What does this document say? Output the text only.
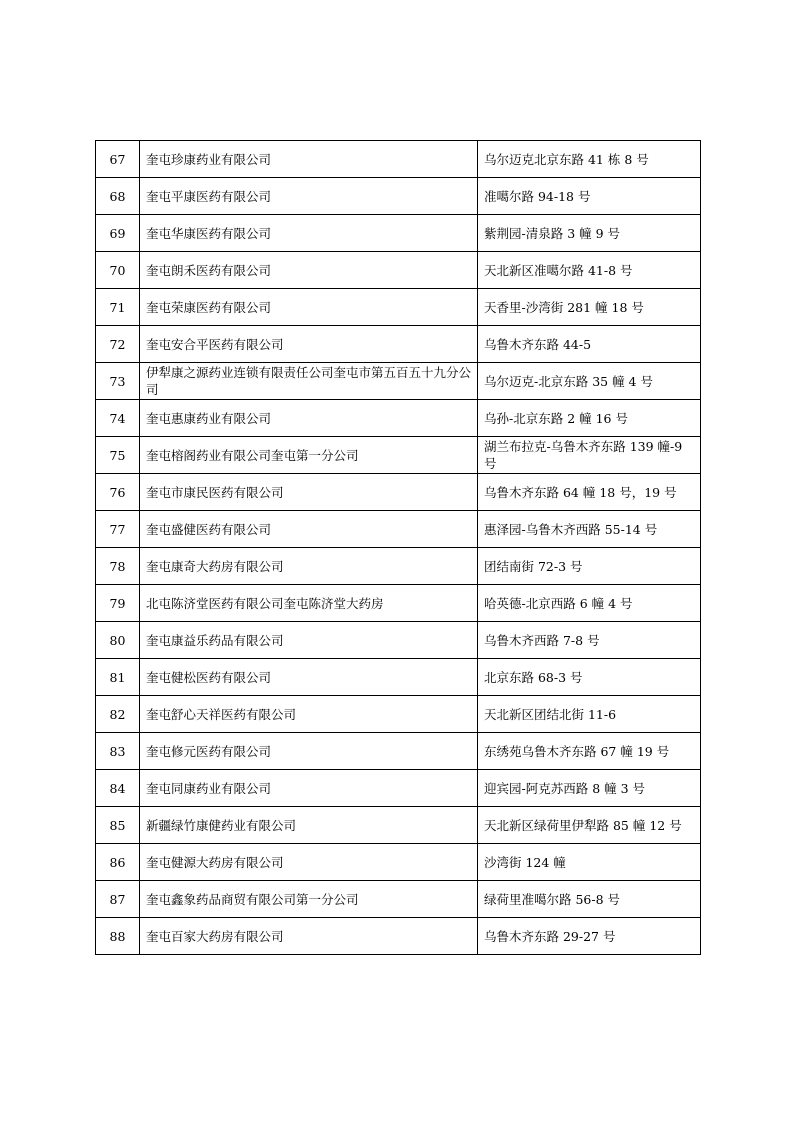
67	奎屯珍康药业有限公司	乌尔迈克北京东路 41 栋 8 号
68	奎屯平康医药有限公司	准噶尔路 94-18 号
69	奎屯华康医药有限公司	紫荆园-清泉路 3 幢 9 号
70	奎屯朗禾医药有限公司	天北新区准噶尔路 41-8 号
71	奎屯荣康医药有限公司	天香里-沙湾街 281 幢 18 号
72	奎屯安合平医药有限公司	乌鲁木齐东路 44-5
73	伊犁康之源药业连锁有限责任公司奎屯市第五百五十九分公司	乌尔迈克-北京东路 35 幢 4 号
74	奎屯惠康药业有限公司	乌孙-北京东路 2 幢 16 号
75	奎屯榕阁药业有限公司奎屯第一分公司	湖兰布拉克-乌鲁木齐东路 139 幢-9 号
76	奎屯市康民医药有限公司	乌鲁木齐东路 64 幢 18 号，19 号
77	奎屯盛健医药有限公司	惠泽园-乌鲁木齐西路 55-14 号
78	奎屯康奇大药房有限公司	团结南街 72-3 号
79	北屯陈济堂医药有限公司奎屯陈济堂大药房	哈英德-北京西路 6 幢 4 号
80	奎屯康益乐药品有限公司	乌鲁木齐西路 7-8 号
81	奎屯健松医药有限公司	北京东路 68-3 号
82	奎屯舒心天祥医药有限公司	天北新区团结北街 11-6
83	奎屯修元医药有限公司	东绣苑乌鲁木齐东路 67 幢 19 号
84	奎屯同康药业有限公司	迎宾园-阿克苏西路 8 幢 3 号
85	新疆绿竹康健药业有限公司	天北新区绿荷里伊犁路 85 幢 12 号
86	奎屯健源大药房有限公司	沙湾街 124 幢
87	奎屯鑫象药品商贸有限公司第一分公司	绿荷里准噶尔路 56-8 号
88	奎屯百家大药房有限公司	乌鲁木齐东路 29-27 号
